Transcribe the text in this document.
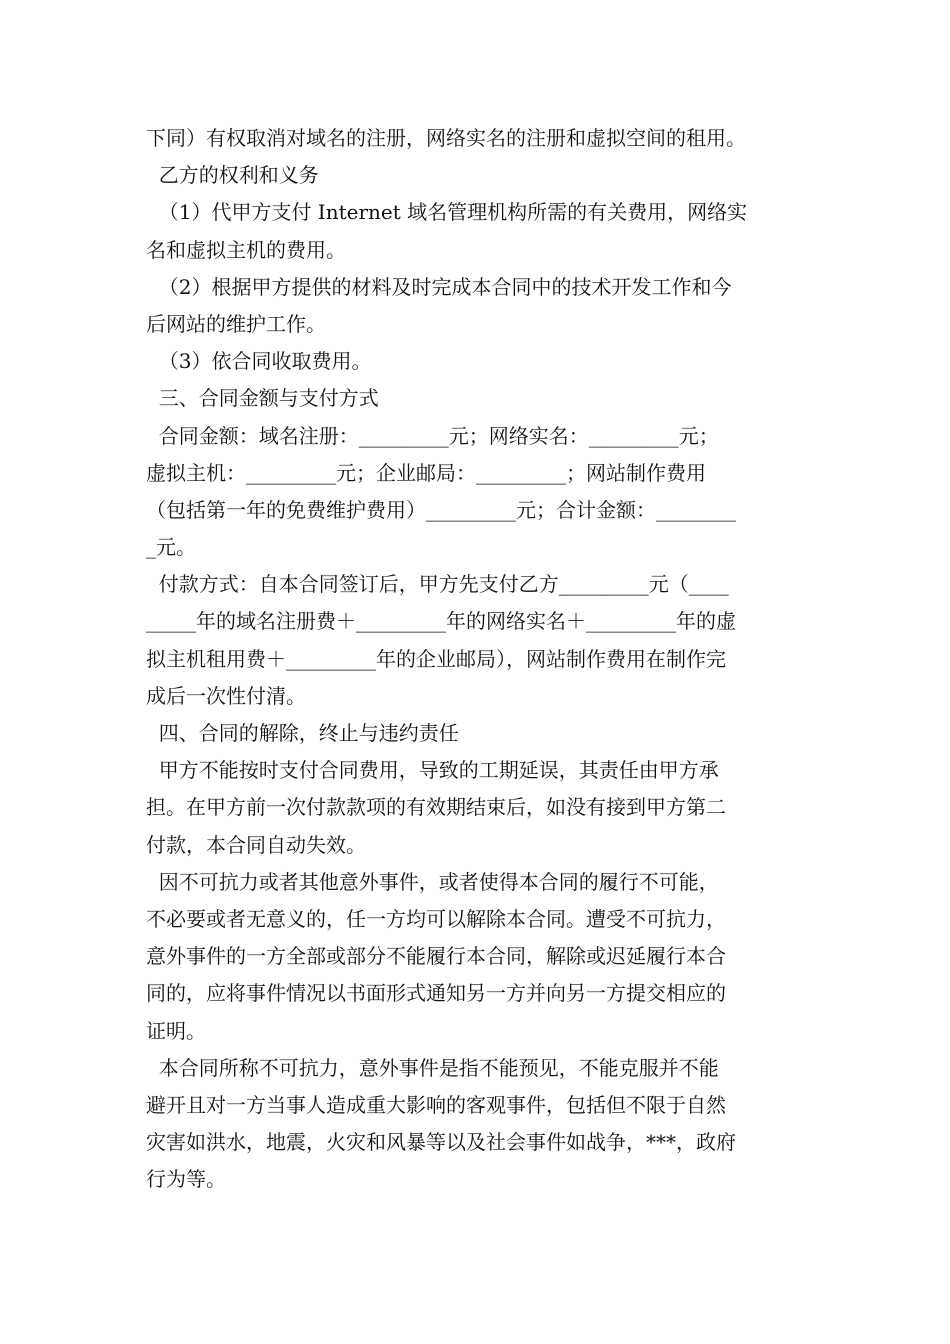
下同）有权取消对域名的注册，网络实名的注册和虚拟空间的租用。
乙方的权利和义务
（1）代甲方支付 Internet 域名管理机构所需的有关费用，网络实
名和虚拟主机的费用。
（2）根据甲方提供的材料及时完成本合同中的技术开发工作和今
后网站的维护工作。
（3）依合同收取费用。
三、合同金额与支付方式
合同金额：域名注册：_________元；网络实名：_________元；
虚拟主机：_________元；企业邮局：_________；网站制作费用
（包括第一年的免费维护费用）_________元；合计金额：________
_元。
付款方式：自本合同签订后，甲方先支付乙方_________元（____
_____年的域名注册费＋_________年的网络实名＋_________年的虚
拟主机租用费＋_________年的企业邮局），网站制作费用在制作完
成后一次性付清。
四、合同的解除，终止与违约责任
甲方不能按时支付合同费用，导致的工期延误，其责任由甲方承
担。在甲方前一次付款款项的有效期结束后，如没有接到甲方第二
付款，本合同自动失效。
因不可抗力或者其他意外事件，或者使得本合同的履行不可能，
不必要或者无意义的，任一方均可以解除本合同。遭受不可抗力，
意外事件的一方全部或部分不能履行本合同，解除或迟延履行本合
同的，应将事件情况以书面形式通知另一方并向另一方提交相应的
证明。
本合同所称不可抗力，意外事件是指不能预见，不能克服并不能
避开且对一方当事人造成重大影响的客观事件，包括但不限于自然
灾害如洪水，地震，火灾和风暴等以及社会事件如战争，***，政府
行为等。
